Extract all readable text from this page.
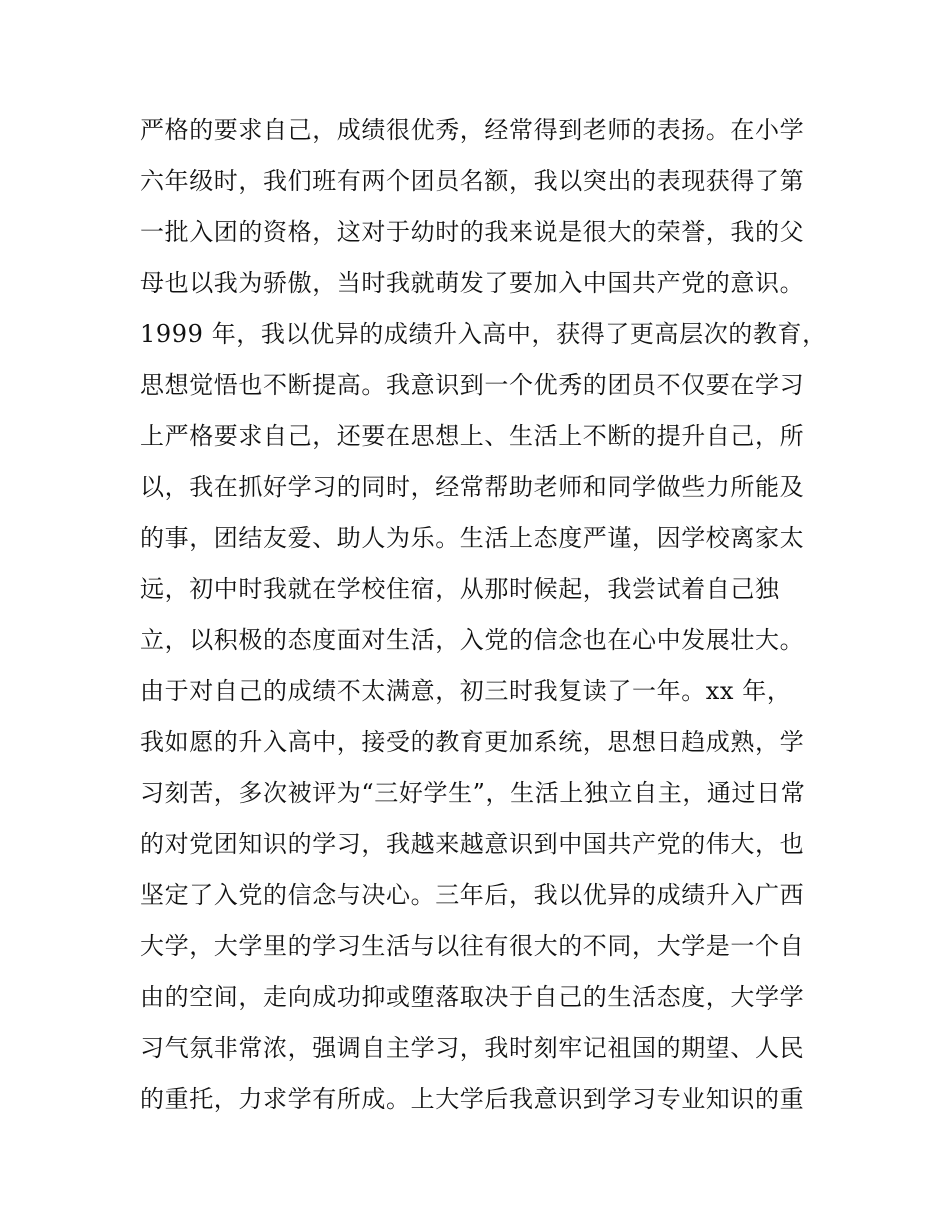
严格的要求自己，成绩很优秀，经常得到老师的表扬。在小学
六年级时，我们班有两个团员名额，我以突出的表现获得了第
一批入团的资格，这对于幼时的我来说是很大的荣誉，我的父
母也以我为骄傲，当时我就萌发了要加入中国共产党的意识。
1999 年，我以优异的成绩升入高中，获得了更高层次的教育，
思想觉悟也不断提高。我意识到一个优秀的团员不仅要在学习
上严格要求自己，还要在思想上、生活上不断的提升自己，所
以，我在抓好学习的同时，经常帮助老师和同学做些力所能及
的事，团结友爱、助人为乐。生活上态度严谨，因学校离家太
远，初中时我就在学校住宿，从那时候起，我尝试着自己独
立，以积极的态度面对生活，入党的信念也在心中发展壮大。
由于对自己的成绩不太满意，初三时我复读了一年。xx 年，
我如愿的升入高中，接受的教育更加系统，思想日趋成熟，学
习刻苦，多次被评为“三好学生”，生活上独立自主，通过日常
的对党团知识的学习，我越来越意识到中国共产党的伟大，也
坚定了入党的信念与决心。三年后，我以优异的成绩升入广西
大学，大学里的学习生活与以往有很大的不同，大学是一个自
由的空间，走向成功抑或堕落取决于自己的生活态度，大学学
习气氛非常浓，强调自主学习，我时刻牢记祖国的期望、人民
的重托，力求学有所成。上大学后我意识到学习专业知识的重
